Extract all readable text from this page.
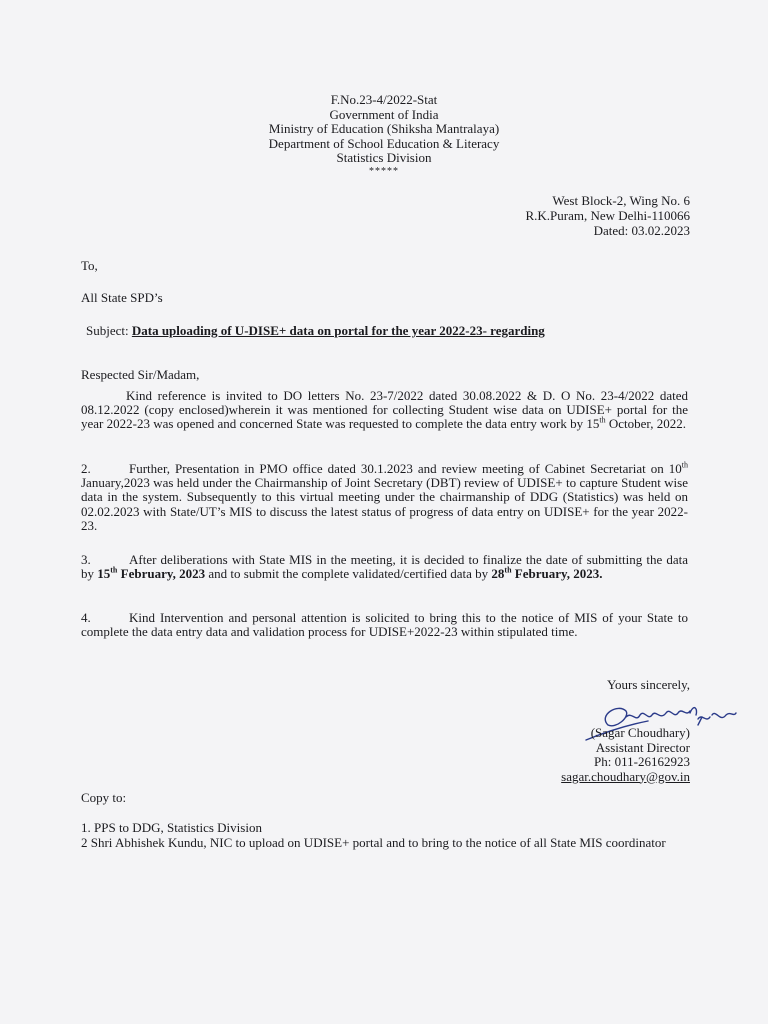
F.No.23-4/2022-Stat
Government of India
Ministry of Education (Shiksha Mantralaya)
Department of School Education & Literacy
Statistics Division
*****
West Block-2, Wing No. 6
R.K.Puram, New Delhi-110066
Dated: 03.02.2023
To,
All State SPD’s
Subject: Data uploading of U-DISE+ data on portal for the year 2022-23- regarding
Respected Sir/Madam,
Kind reference is invited to DO letters No. 23-7/2022 dated 30.08.2022 & D. O No. 23-4/2022 dated 08.12.2022 (copy enclosed)wherein it was mentioned for collecting Student wise data on UDISE+ portal for the year 2022-23 was opened and concerned State was requested to complete the data entry work by 15th October, 2022.
2.	Further, Presentation in PMO office dated 30.1.2023 and review meeting of Cabinet Secretariat on 10th January,2023 was held under the Chairmanship of Joint Secretary (DBT) review of UDISE+ to capture Student wise data in the system. Subsequently to this virtual meeting under the chairmanship of DDG (Statistics) was held on 02.02.2023 with State/UT’s MIS to discuss the latest status of progress of data entry on UDISE+ for the year 2022-23.
3.	After deliberations with State MIS in the meeting, it is decided to finalize the date of submitting the data by 15th February, 2023 and to submit the complete validated/certified data by 28th February, 2023.
4.	Kind Intervention and personal attention is solicited to bring this to the notice of MIS of your State to complete the data entry data and validation process for UDISE+2022-23 within stipulated time.
Yours sincerely,
(Sagar Choudhary)
Assistant Director
Ph: 011-26162923
sagar.choudhary@gov.in
Copy to:
1. PPS to DDG, Statistics Division
2 Shri Abhishek Kundu, NIC to upload on UDISE+ portal and to bring to the notice of all State MIS coordinator
